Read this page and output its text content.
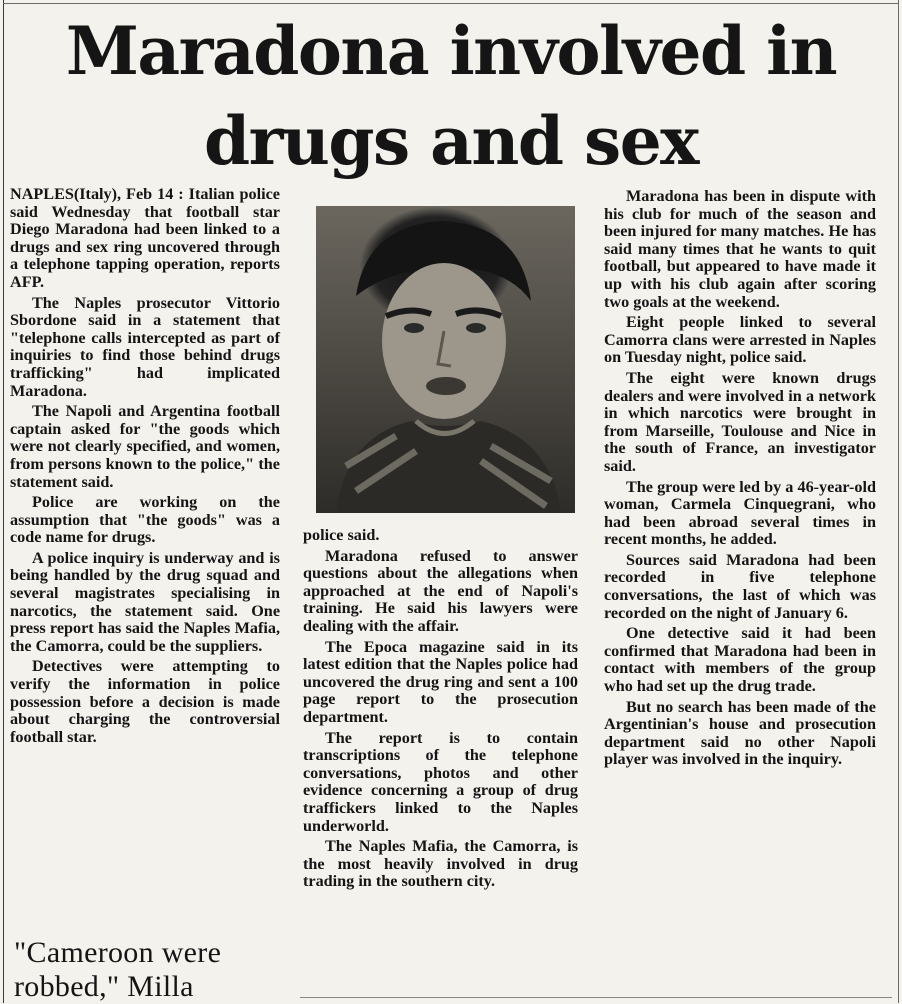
Maradona involved in
drugs and sex

NAPLES(Italy), Feb 14 : Italian police said Wednesday that football star Diego Maradona had been linked to a drugs and sex ring uncovered through a telephone tapping operation, reports AFP.

The Naples prosecutor Vittorio Sbordone said in a statement that "telephone calls intercepted as part of inquiries to find those behind drugs trafficking" had implicated Maradona.

The Napoli and Argentina football captain asked for "the goods which were not clearly specified, and women, from persons known to the police," the statement said.

Police are working on the assumption that "the goods" was a code name for drugs.

A police inquiry is underway and is being handled by the drug squad and several magistrates specialising in narcotics, the statement said. One press report has said the Naples Mafia, the Camorra, could be the suppliers.

Detectives were attempting to verify the information in police possession before a decision is made about charging the controversial football star.

police said.

Maradona refused to answer questions about the allegations when approached at the end of Napoli's training. He said his lawyers were dealing with the affair.

The Epoca magazine said in its latest edition that the Naples police had uncovered the drug ring and sent a 100 page report to the prosecution department.

The report is to contain transcriptions of the telephone conversations, photos and other evidence concerning a group of drug traffickers linked to the Naples underworld.

The Naples Mafia, the Camorra, is the most heavily involved in drug trading in the southern city.

Maradona has been in dispute with his club for much of the season and been injured for many matches. He has said many times that he wants to quit football, but appeared to have made it up with his club again after scoring two goals at the weekend.

Eight people linked to several Camorra clans were arrested in Naples on Tuesday night, police said.

The eight were known drugs dealers and were involved in a network in which narcotics were brought in from Marseille, Toulouse and Nice in the south of France, an investigator said.

The group were led by a 46-year-old woman, Carmela Cinquegrani, who had been abroad several times in recent months, he added.

Sources said Maradona had been recorded in five telephone conversations, the last of which was recorded on the night of January 6.

One detective said it had been confirmed that Maradona had been in contact with members of the group who had set up the drug trade.

But no search has been made of the Argentinian's house and prosecution department said no other Napoli player was involved in the inquiry.

"Cameroon were
robbed," Milla
